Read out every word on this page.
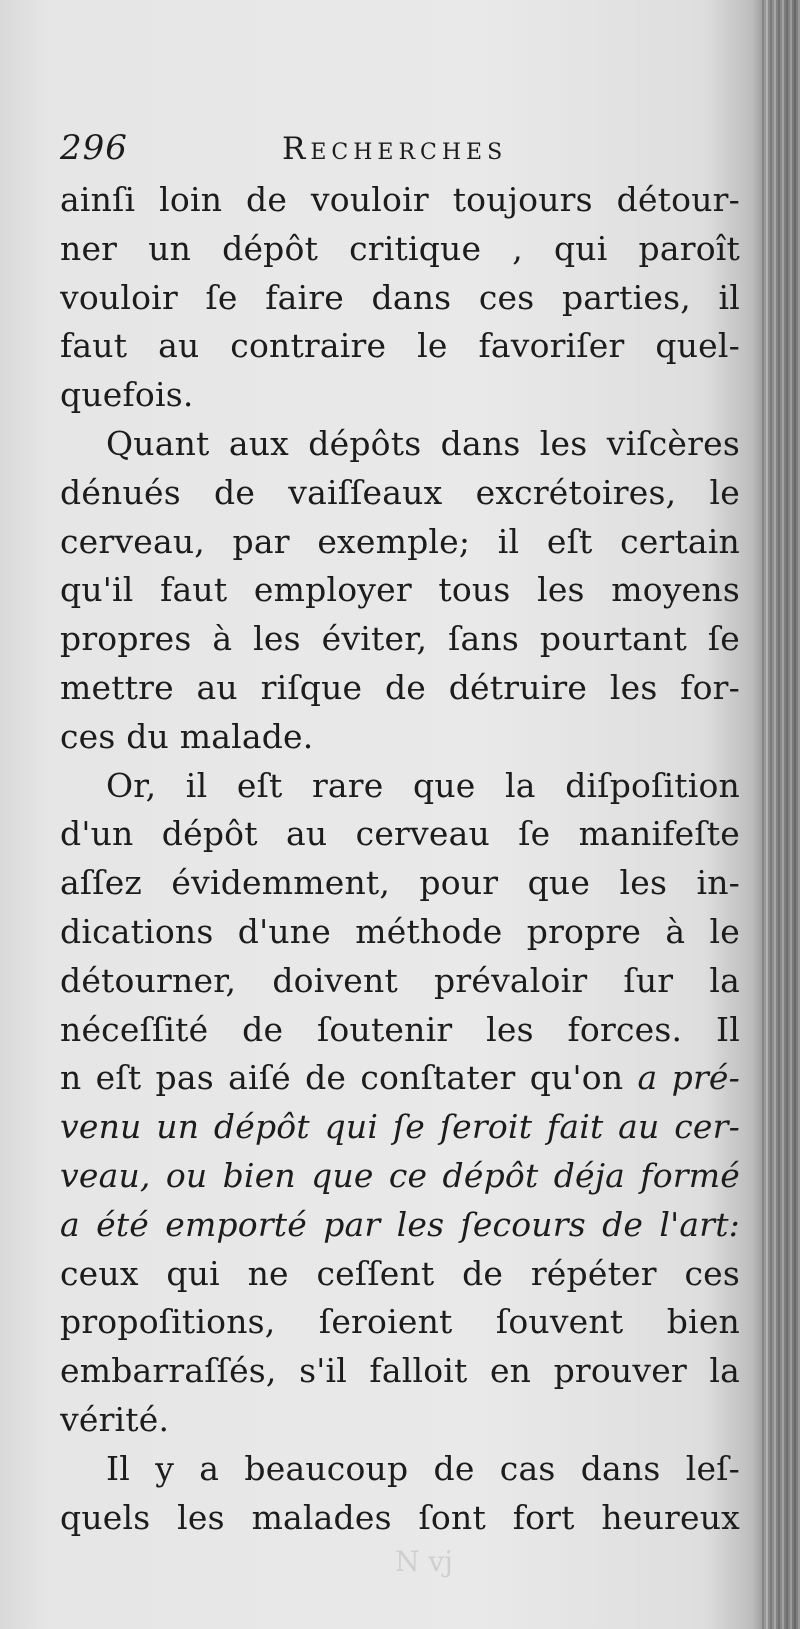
296	Recherches
ainſi loin de vouloir toujours détour-
ner un dépôt critique , qui paroît
vouloir ſe faire dans ces parties, il
faut au contraire le favoriſer quel-
quefois.
Quant aux dépôts dans les viſcères
dénués de vaiſſeaux excrétoires, le
cerveau, par exemple; il eſt certain
qu'il faut employer tous les moyens
propres à les éviter, ſans pourtant ſe
mettre au riſque de détruire les for-
ces du malade.
Or, il eſt rare que la diſpoſition
d'un dépôt au cerveau ſe manifeſte
aſſez évidemment, pour que les in-
dications d'une méthode propre à le
détourner, doivent prévaloir ſur la
néceſſité de ſoutenir les forces. Il
n eſt pas aiſé de conſtater qu'on a pré-
venu un dépôt qui ſe ſeroit fait au cer-
veau, ou bien que ce dépôt déja formé
a été emporté par les ſecours de l'art:
ceux qui ne ceſſent de répéter ces
propoſitions, ſeroient ſouvent bien
embarraſſés, s'il falloit en prouver la
vérité.
Il y a beaucoup de cas dans leſ-
quels les malades ſont fort heureux
N vj
